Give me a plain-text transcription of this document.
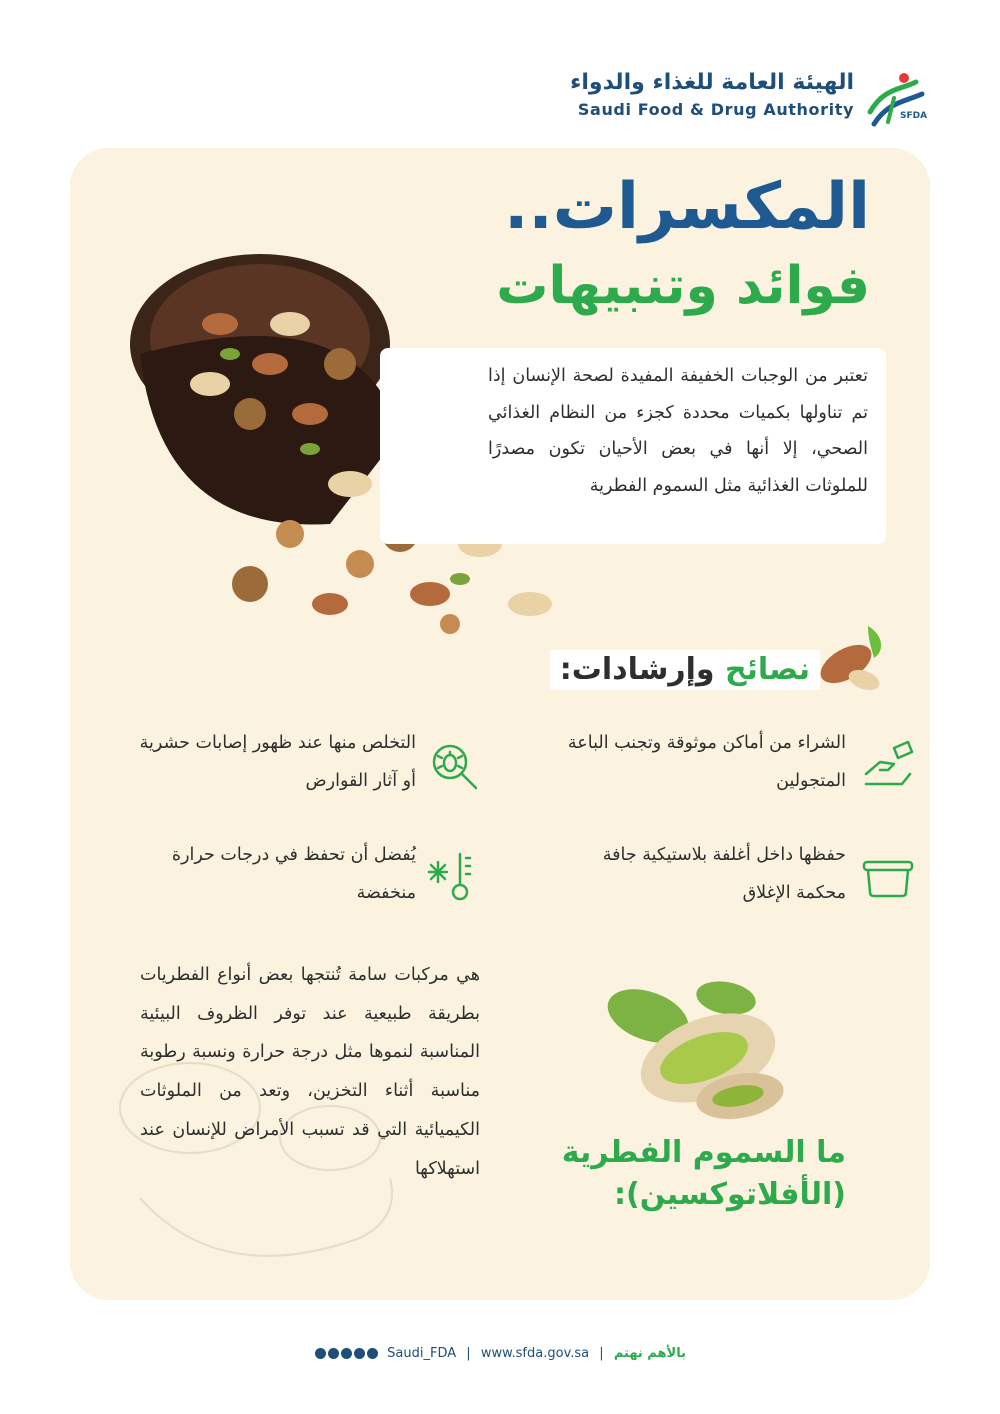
الهيئة العامة للغذاء والدواء
Saudi Food & Drug Authority	SFDA
المكسرات..
فوائد وتنبيهات

تعتبر من الوجبات الخفيفة المفيدة لصحة الإنسان إذا تم تناولها بكميات محددة كجزء من النظام الغذائي الصحي، إلا أنها في بعض الأحيان تكون مصدرًا للملوثات الغذائية مثل السموم الفطرية

نصائح وإرشادات:
الشراء من أماكن موثوقة وتجنب الباعة المتجولين
التخلص منها عند ظهور إصابات حشرية أو آثار القوارض
حفظها داخل أغلفة بلاستيكية جافة محكمة الإغلاق
يُفضل أن تحفظ في درجات حرارة منخفضة

هي مركبات سامة تُنتجها بعض أنواع الفطريات بطريقة طبيعية عند توفر الظروف البيئية المناسبة لنموها مثل درجة حرارة ونسبة رطوبة مناسبة أثناء التخزين، وتعد من الملوثات الكيميائية التي قد تسبب الأمراض للإنسان عند استهلاكها	ما السموم الفطرية
(الأفلاتوكسين):
Saudi_FDA | www.sfda.gov.sa | بالأهم نهتم
